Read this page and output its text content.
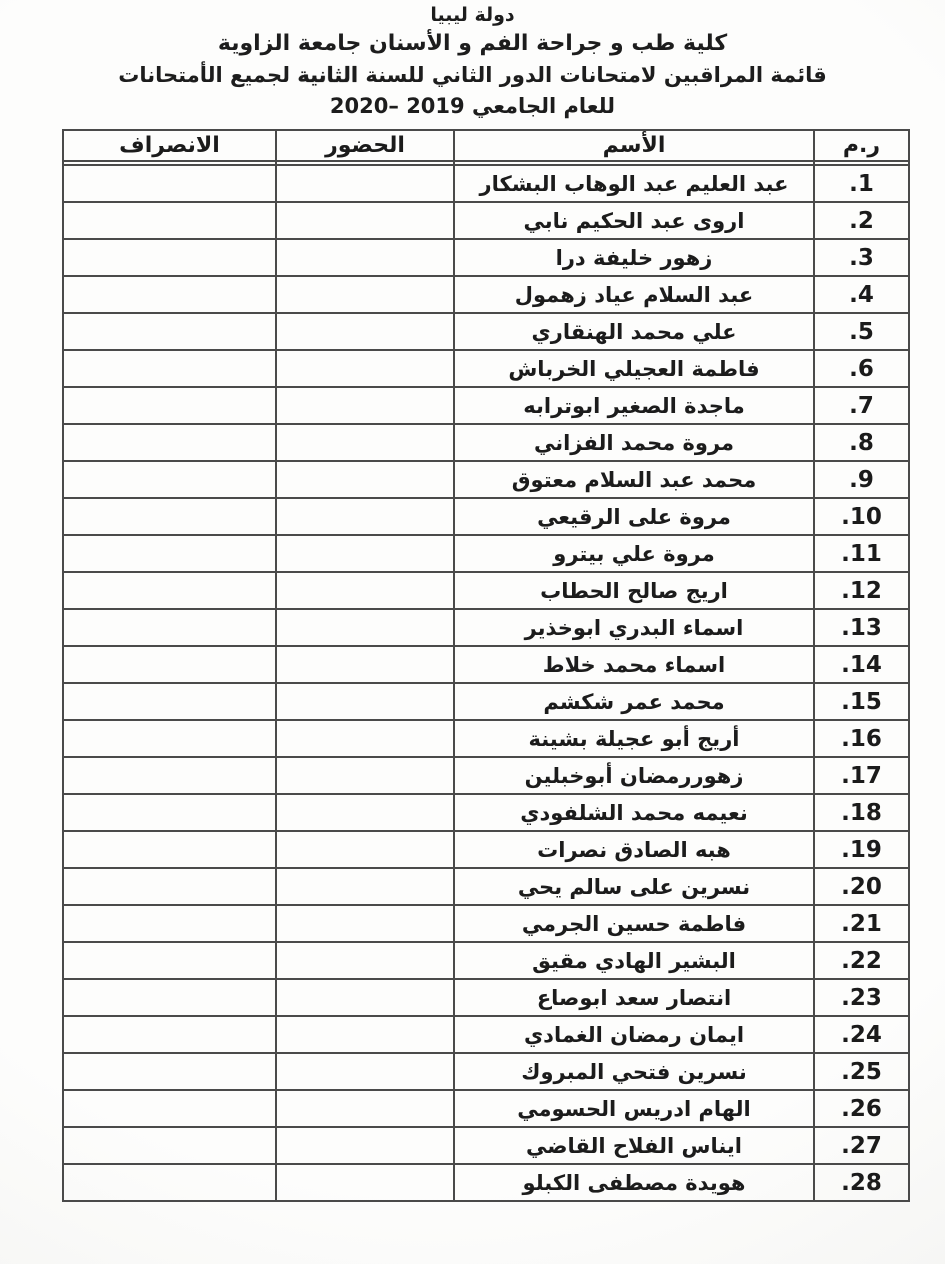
دولة ليبيا
كلية طب و جراحة الفم و الأسنان جامعة الزاوية
قائمة المراقبين لامتحانات الدور الثاني للسنة الثانية لجميع الأمتحانات
للعام الجامعي 2019 –2020
ر.م	الأسم	الحضور	الانصراف

1.	عبد العليم عبد الوهاب البشكار		
2.	اروى عبد الحكيم نابي		
3.	زهور خليفة درا		
4.	عبد السلام عياد زهمول		
5.	علي محمد الهنقاري		
6.	فاطمة العجيلي الخرباش		
7.	ماجدة الصغير ابوترابه		
8.	مروة محمد الفزاني		
9.	محمد عبد السلام معتوق		
10.	مروة على الرقيعي		
11.	مروة علي بيترو		
12.	اريج صالح الحطاب		
13.	اسماء البدري ابوخذير		
14.	اسماء محمد خلاط		
15.	محمد عمر شكشم		
16.	أريج أبو عجيلة بشينة		
17.	زهوررمضان أبوخبلين		
18.	نعيمه محمد الشلفودي		
19.	هبه الصادق نصرات		
20.	نسرين على سالم يحي		
21.	فاطمة حسين الجرمي		
22.	البشير الهادي مقيق		
23.	انتصار سعد ابوصاع		
24.	ايمان رمضان الغمادي		
25.	نسرين فتحي المبروك		
26.	الهام ادريس الحسومي		
27.	ايناس الفلاح القاضي		
28.	هويدة مصطفى الكبلو		
